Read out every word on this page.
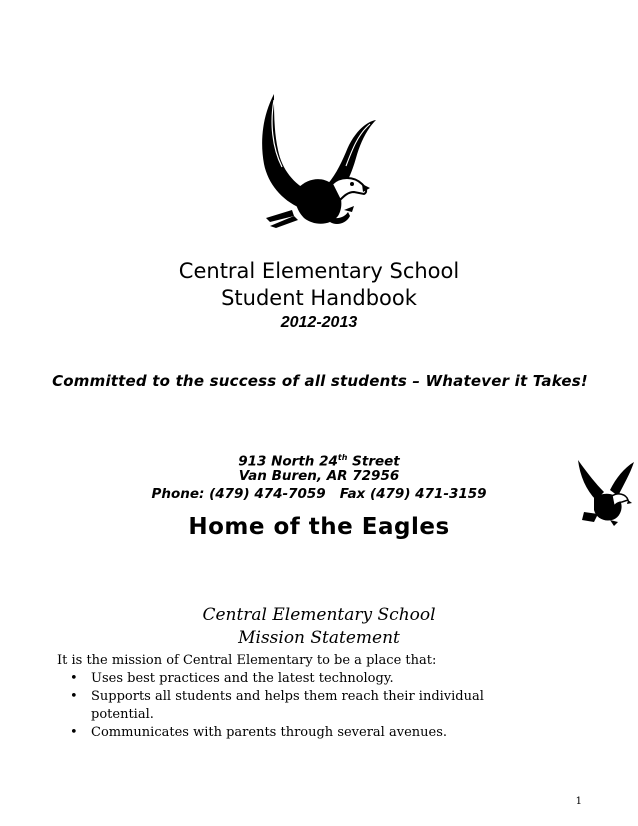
Central Elementary School
Student Handbook
2012-2013
Committed to the success of all students – Whatever it Takes!
913 North 24th Street
Van Buren, AR 72956
Phone: (479) 474-7059   Fax (479) 471-3159
Home of the Eagles
Central Elementary School
Mission Statement
It is the mission of Central Elementary to be a place that:
• Uses best practices and the latest technology.
• Supports all students and helps them reach their individual potential.
• Communicates with parents through several avenues.
1
